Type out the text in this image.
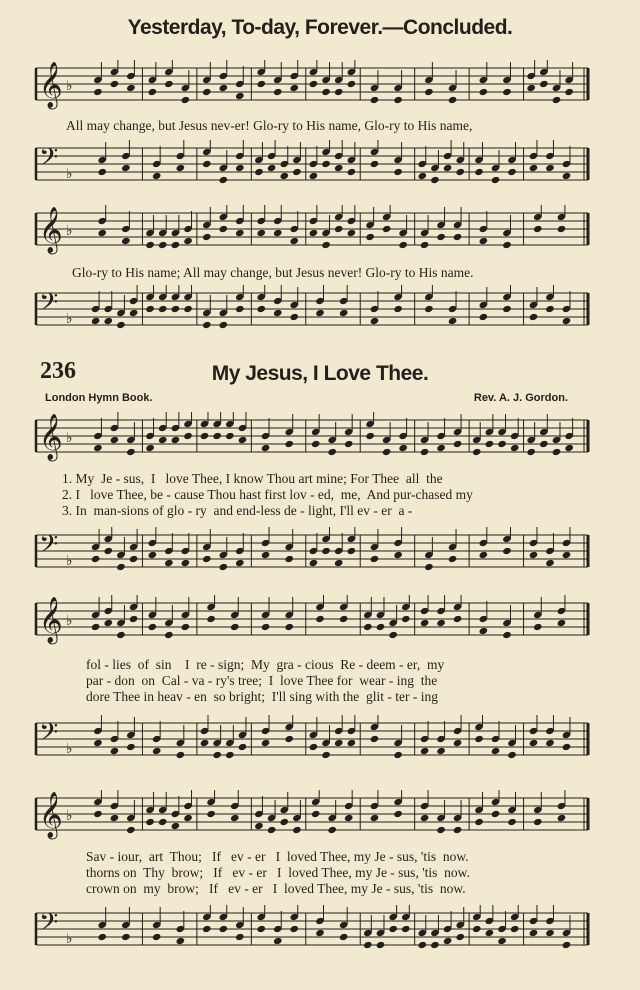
Yesterday, To-day, Forever.—Concluded.
𝄞 ♭
All may change, but Jesus nev-er! Glo-ry to His name, Glo-ry to His name,
𝄢 ♭
𝄞 ♭
Glo-ry to His name; All may change, but Jesus never! Glo-ry to His name.
𝄢 ♭
236	My Jesus, I Love Thee.
London Hymn Book.	Rev. A. J. Gordon.
𝄞 ♭
1. My  Je - sus,  I   love Thee, I know Thou art mine; For Thee  all  the
2. I   love Thee, be - cause Thou hast first lov - ed,  me,  And pur-chased my
3. In  man-sions of glo - ry  and end-less de - light, I'll ev - er  a -
𝄢 ♭
𝄞 ♭
fol - lies  of  sin    I  re - sign;  My  gra - cious  Re - deem - er,  my
par - don  on  Cal - va - ry's tree;  I  love Thee for  wear - ing  the
dore Thee in heav - en  so bright;  I'll sing with the  glit - ter - ing
𝄢 ♭
𝄞 ♭
Sav - iour,  art  Thou;   If   ev - er   I  loved Thee, my Je - sus, 'tis  now.
thorns on  Thy  brow;   If   ev - er   I  loved Thee, my Je - sus, 'tis  now.
crown on  my  brow;   If   ev - er   I  loved Thee, my Je - sus, 'tis  now.
𝄢 ♭
